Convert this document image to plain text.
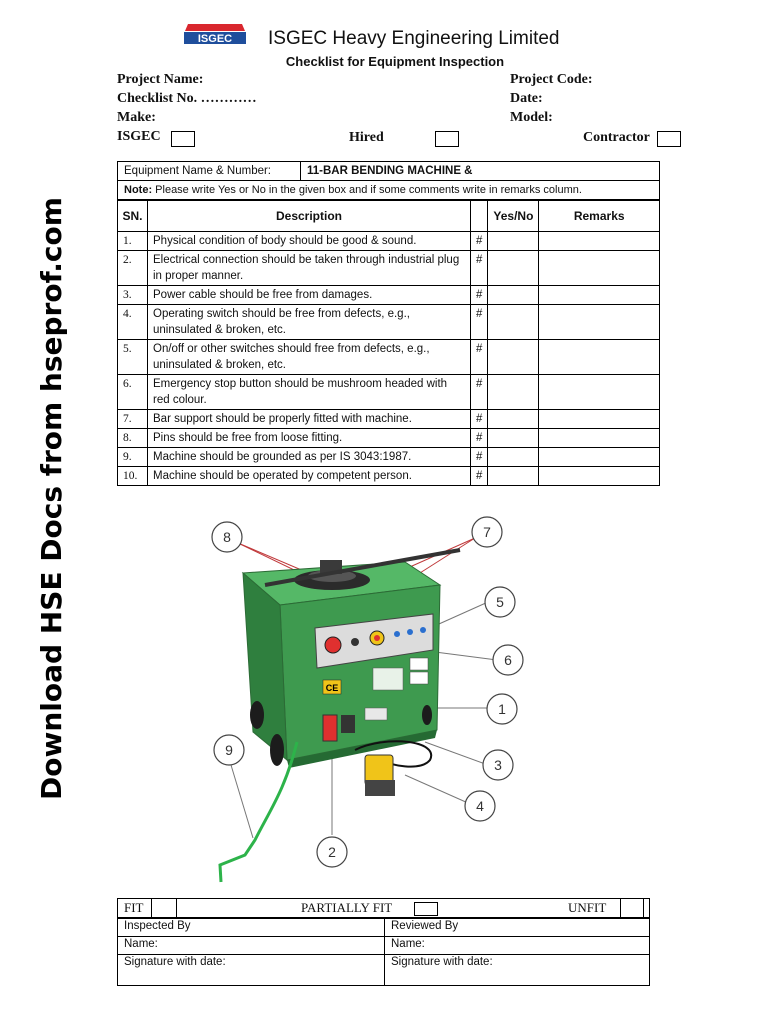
Download HSE Docs from hseprof.com
ISGEC ISGEC Heavy Engineering Limited
Checklist for Equipment Inspection
Project Name:	Project Code:
Checklist No. …………	Date:
Make:	Model:
ISGEC	Hired	Contractor
Equipment Name & Number:	11-BAR BENDING MACHINE &
Note: Please write Yes or No in the given box and if some comments write in remarks column.
SN.	Description		Yes/No	Remarks
1.	Physical condition of body should be good & sound.	#		
2.	Electrical connection should be taken through industrial plug in proper manner.	#		
3.	Power cable should be free from damages.	#		
4.	Operating switch should be free from defects, e.g., uninsulated & broken, etc.	#		
5.	On/off or other switches should free from defects, e.g., uninsulated & broken, etc.	#		
6.	Emergency stop button should be mushroom headed with red colour.	#		
7.	Bar support should be properly fitted with machine.	#		
8.	Pins should be free from loose fitting.	#		
9.	Machine should be grounded as per IS 3043:1987.	#		
10.	Machine should be operated by competent person.	#		
CE
8	7
5
6
1
3
4
2
9
FIT	PARTIALLY FIT	UNFIT
Inspected By	Reviewed By
Name:	Name:
Signature with date:	Signature with date:
